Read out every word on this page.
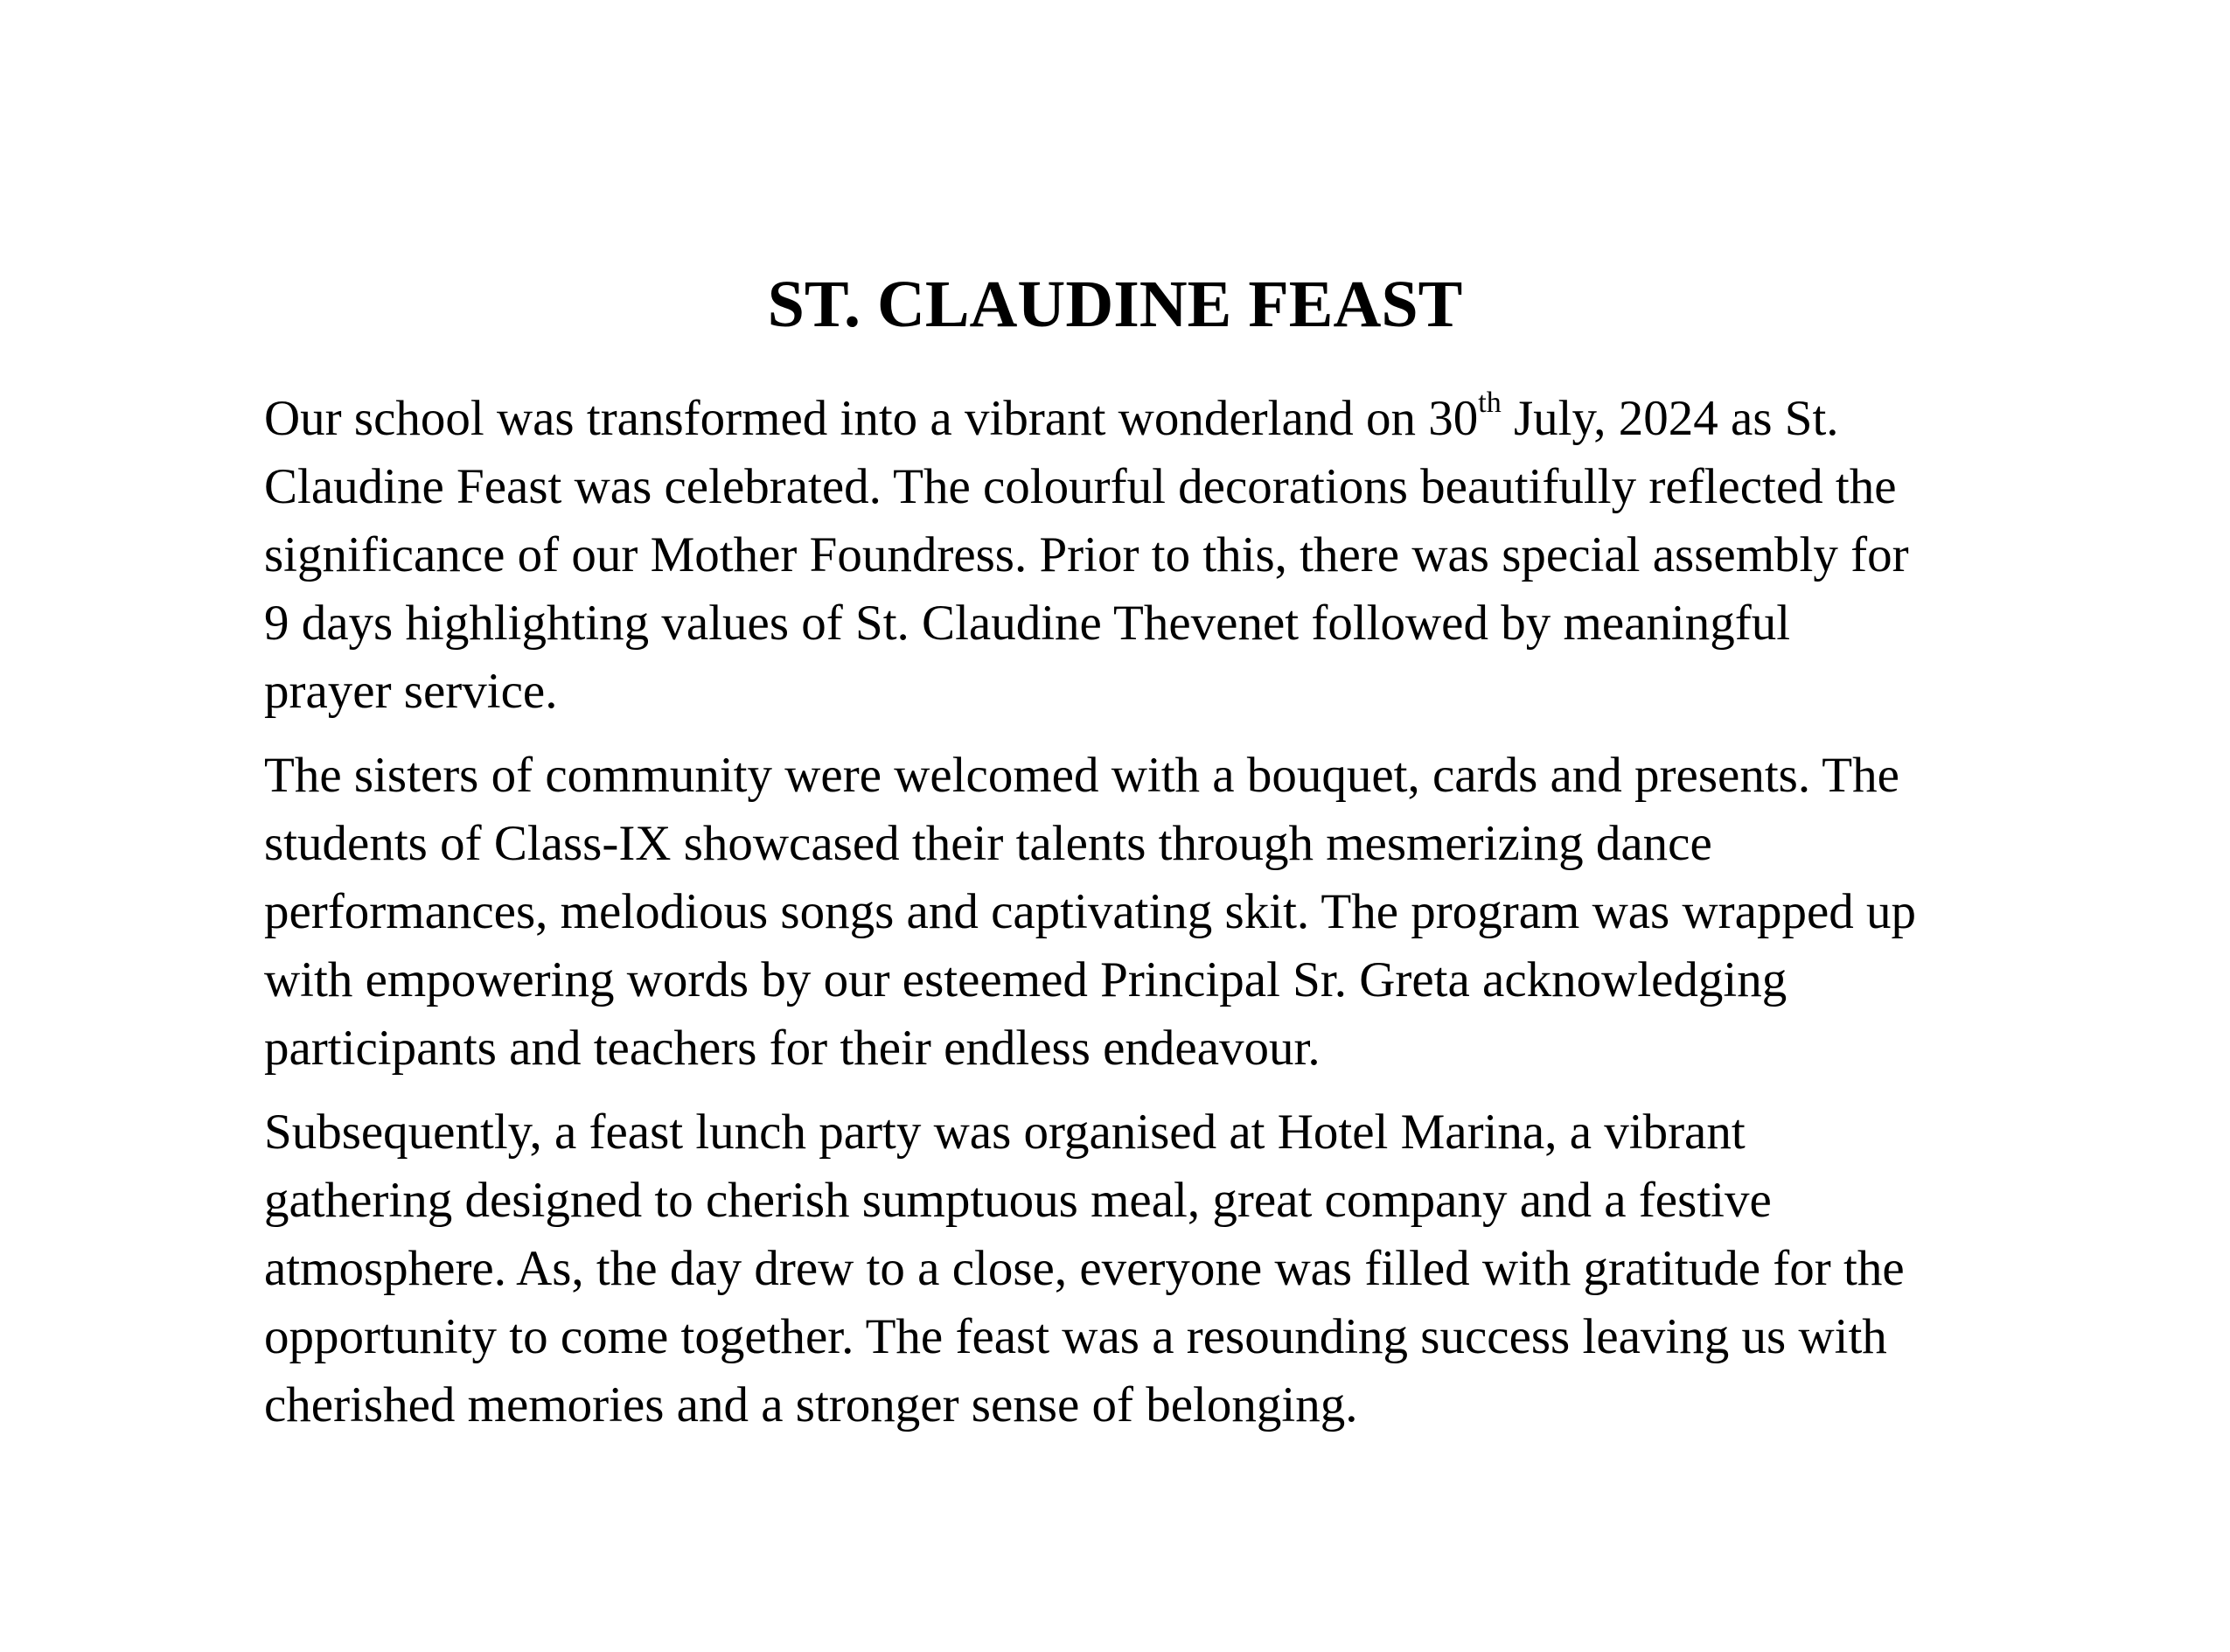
ST. CLAUDINE FEAST

Our school was transformed into a vibrant wonderland on 30th July, 2024 as St.
Claudine Feast was celebrated. The colourful decorations beautifully reflected the
significance of our Mother Foundress. Prior to this, there was special assembly for
9 days highlighting values of St. Claudine Thevenet followed by meaningful
prayer service.

The sisters of community were welcomed with a bouquet, cards and presents. The
students of Class-IX showcased their talents through mesmerizing dance
performances, melodious songs and captivating skit. The program was wrapped up
with empowering words by our esteemed Principal Sr. Greta acknowledging
participants and teachers for their endless endeavour.

Subsequently, a feast lunch party was organised at Hotel Marina, a vibrant
gathering designed to cherish sumptuous meal, great company and a festive
atmosphere. As, the day drew to a close, everyone was filled with gratitude for the
opportunity to come together. The feast was a resounding success leaving us with
cherished memories and a stronger sense of belonging.
